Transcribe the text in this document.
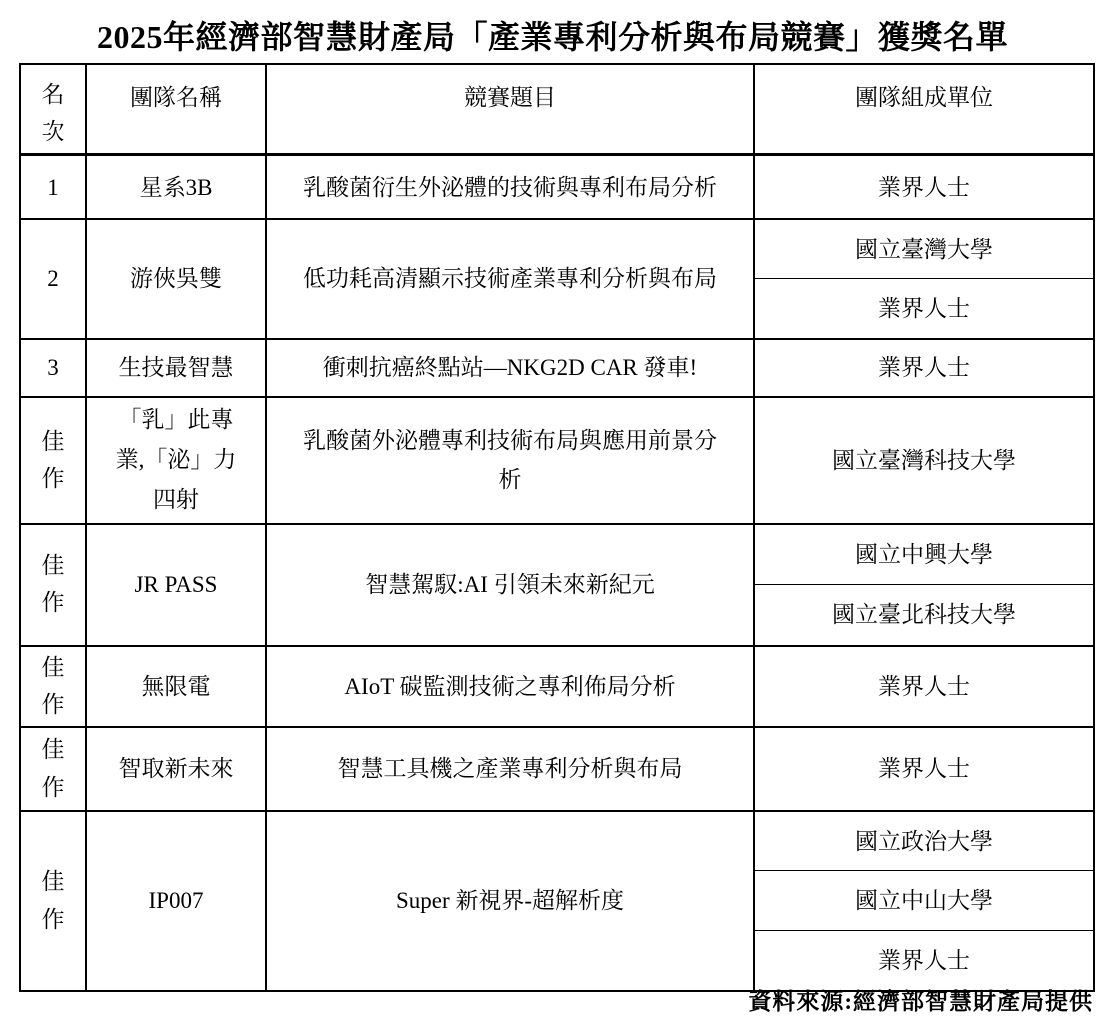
2025年經濟部智慧財產局「產業專利分析與布局競賽」獲獎名單
名次	團隊名稱	競賽題目	團隊組成單位
1	星系3B	乳酸菌衍生外泌體的技術與專利布局分析	業界人士
2	游俠吳雙	低功耗高清顯示技術產業專利分析與布局	國立臺灣大學
			業界人士
3	生技最智慧	衝刺抗癌終點站—NKG2D CAR 發車!	業界人士
佳作	「乳」此專業,「泌」力四射	乳酸菌外泌體專利技術布局與應用前景分析	國立臺灣科技大學
佳作	JR PASS	智慧駕馭:AI 引領未來新紀元	國立中興大學
			國立臺北科技大學
佳作	無限電	AIoT 碳監測技術之專利佈局分析	業界人士
佳作	智取新未來	智慧工具機之產業專利分析與布局	業界人士
佳作	IP007	Super 新視界-超解析度	國立政治大學
			國立中山大學
			業界人士
資料來源:經濟部智慧財產局提供
